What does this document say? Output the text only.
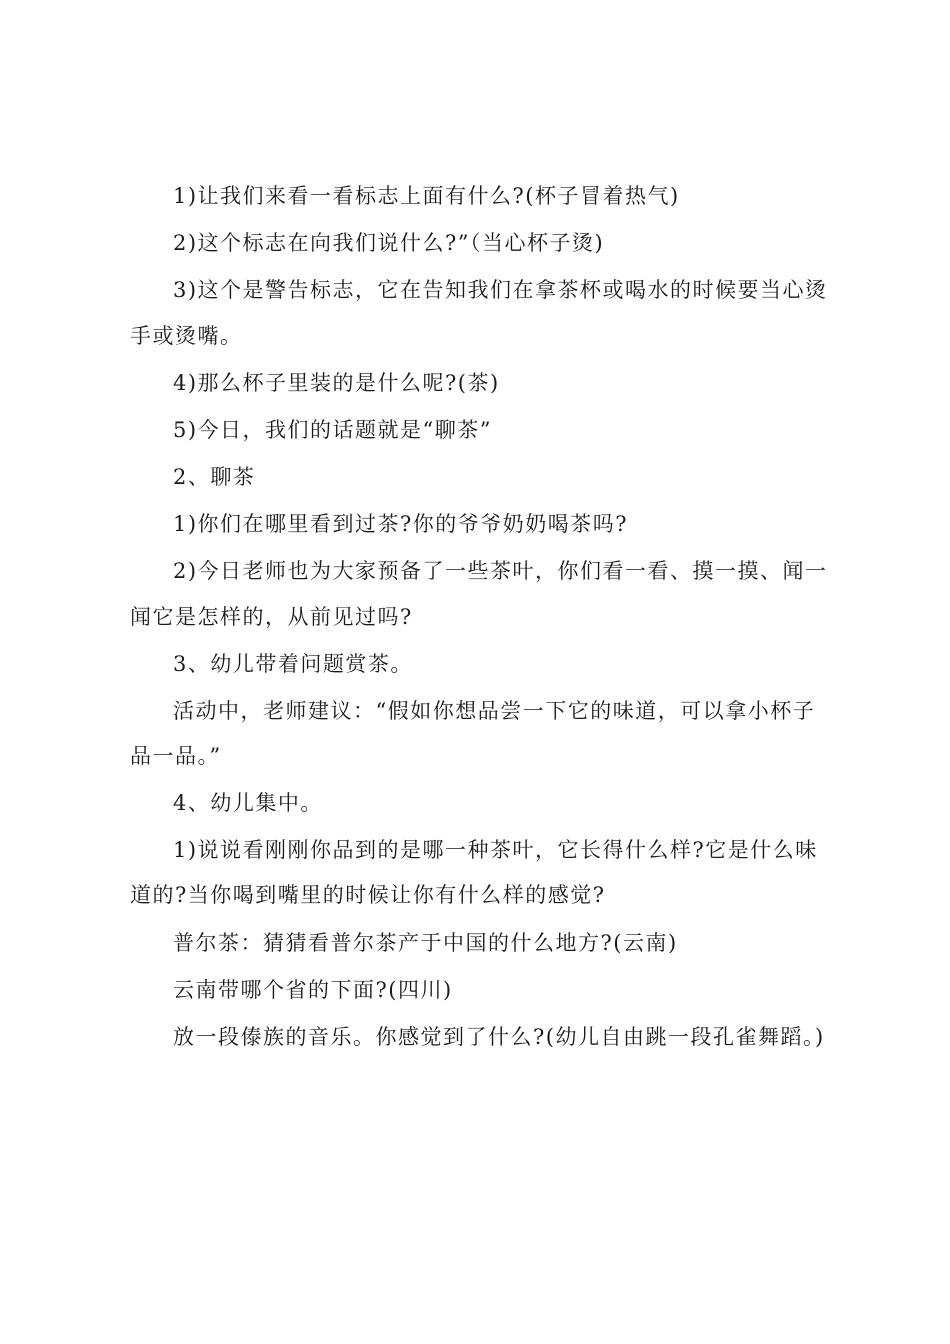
1)让我们来看一看标志上面有什么?(杯子冒着热气)

2)这个标志在向我们说什么?”（当心杯子烫)

3)这个是警告标志，它在告知我们在拿茶杯或喝水的时候要当心烫手或烫嘴。

4)那么杯子里装的是什么呢?(茶)

5)今日，我们的话题就是“聊茶”

2、聊茶

1)你们在哪里看到过茶?你的爷爷奶奶喝茶吗?

2)今日老师也为大家预备了一些茶叶，你们看一看、摸一摸、闻一闻它是怎样的，从前见过吗?

3、幼儿带着问题赏茶。

活动中，老师建议：“假如你想品尝一下它的味道，可以拿小杯子品一品。”

4、幼儿集中。

1)说说看刚刚你品到的是哪一种茶叶，它长得什么样?它是什么味道的?当你喝到嘴里的时候让你有什么样的感觉?

普尔茶：猜猜看普尔茶产于中国的什么地方?(云南)

云南带哪个省的下面?(四川)

放一段傣族的音乐。你感觉到了什么?(幼儿自由跳一段孔雀舞蹈。)
